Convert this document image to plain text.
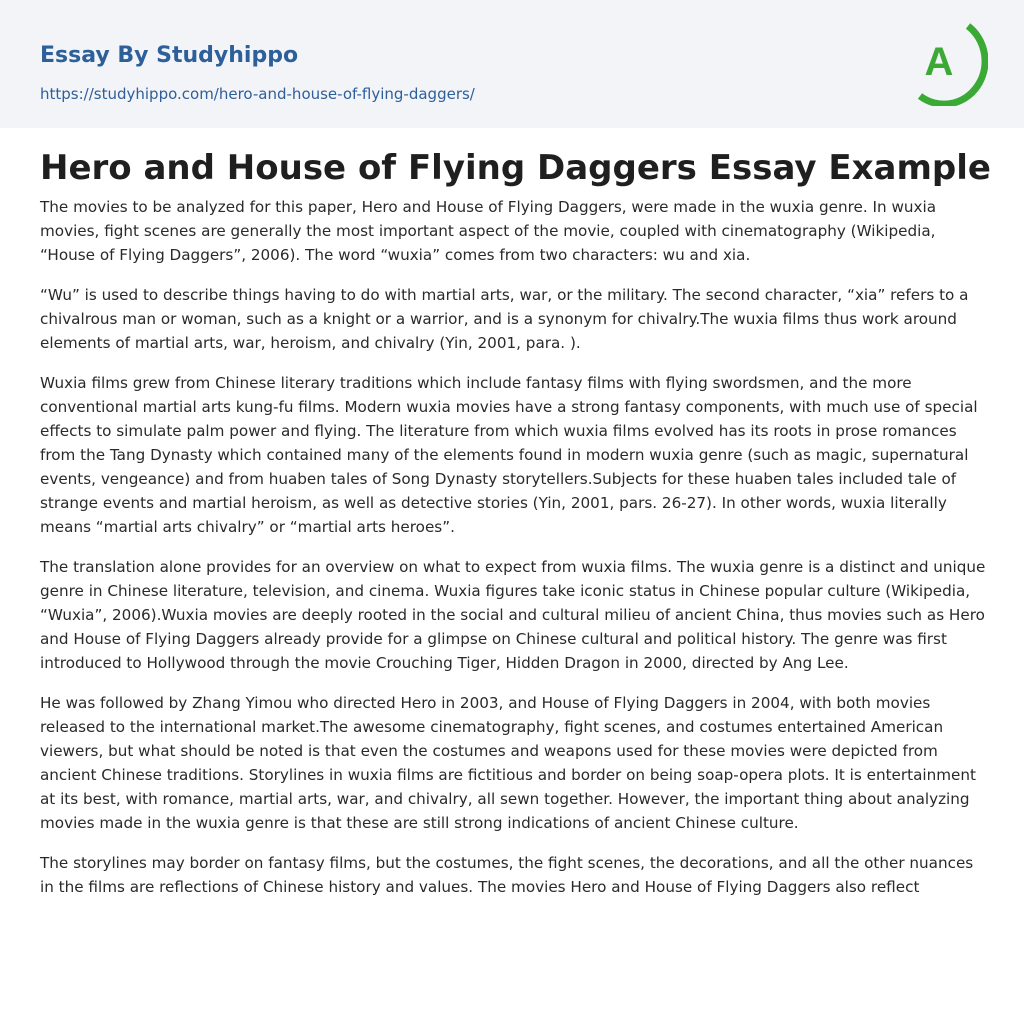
Essay By Studyhippo
https://studyhippo.com/hero-and-house-of-flying-daggers/
A
Hero and House of Flying Daggers Essay Example

The movies to be analyzed for this paper, Hero and House of Flying Daggers, were made in the wuxia genre. In wuxia movies, fight scenes are generally the most important aspect of the movie, coupled with cinematography (Wikipedia, “House of Flying Daggers”, 2006). The word “wuxia” comes from two characters: wu and xia.

“Wu” is used to describe things having to do with martial arts, war, or the military. The second character, “xia” refers to a chivalrous man or woman, such as a knight or a warrior, and is a synonym for chivalry.The wuxia films thus work around elements of martial arts, war, heroism, and chivalry (Yin, 2001, para. ).

Wuxia films grew from Chinese literary traditions which include fantasy films with flying swordsmen, and the more conventional martial arts kung-fu films. Modern wuxia movies have a strong fantasy components, with much use of special effects to simulate palm power and flying. The literature from which wuxia films evolved has its roots in prose romances from the Tang Dynasty which contained many of the elements found in modern wuxia genre (such as magic, supernatural events, vengeance) and from huaben tales of Song Dynasty storytellers.Subjects for these huaben tales included tale of strange events and martial heroism, as well as detective stories (Yin, 2001, pars. 26-27). In other words, wuxia literally means “martial arts chivalry” or “martial arts heroes”.

The translation alone provides for an overview on what to expect from wuxia films. The wuxia genre is a distinct and unique genre in Chinese literature, television, and cinema. Wuxia figures take iconic status in Chinese popular culture (Wikipedia, “Wuxia”, 2006).Wuxia movies are deeply rooted in the social and cultural milieu of ancient China, thus movies such as Hero and House of Flying Daggers already provide for a glimpse on Chinese cultural and political history. The genre was first introduced to Hollywood through the movie Crouching Tiger, Hidden Dragon in 2000, directed by Ang Lee.

He was followed by Zhang Yimou who directed Hero in 2003, and House of Flying Daggers in 2004, with both movies released to the international market.The awesome cinematography, fight scenes, and costumes entertained American viewers, but what should be noted is that even the costumes and weapons used for these movies were depicted from ancient Chinese traditions. Storylines in wuxia films are fictitious and border on being soap-opera plots. It is entertainment at its best, with romance, martial arts, war, and chivalry, all sewn together. However, the important thing about analyzing movies made in the wuxia genre is that these are still strong indications of ancient Chinese culture.

The storylines may border on fantasy films, but the costumes, the fight scenes, the decorations, and all the other nuances in the films are reflections of Chinese history and values. The movies Hero and House of Flying Daggers also reflect
